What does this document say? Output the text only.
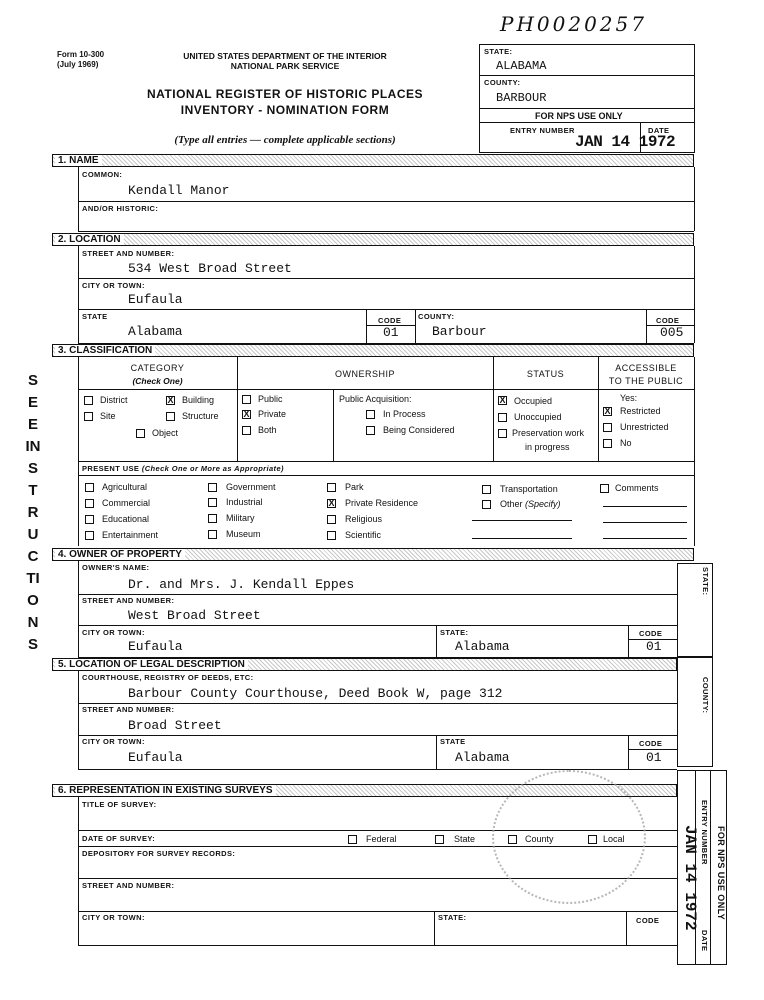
PH0020257
Form 10-300
(July 1969)
UNITED STATES DEPARTMENT OF THE INTERIOR
NATIONAL PARK SERVICE
NATIONAL REGISTER OF HISTORIC PLACES
INVENTORY - NOMINATION FORM
(Type all entries — complete applicable sections)
SEE INSTRUCTIONS
STATE:
ALABAMA
COUNTY:
BARBOUR
FOR NPS USE ONLY
ENTRY NUMBER	DATE
JAN 14 1972
1. NAME
COMMON:
Kendall Manor
AND/OR HISTORIC:
2. LOCATION
STREET AND NUMBER:
534 West Broad Street
CITY OR TOWN:
Eufaula
STATE
Alabama
CODE
01
COUNTY:
Barbour
CODE
005
3. CLASSIFICATION
CATEGORY
(Check One)
OWNERSHIP	STATUS
ACCESSIBLE
TO THE PUBLIC
District	X Building
Site	Structure
Object
Public
X Private
Both
Public Acquisition:
In Process
Being Considered
X Occupied
Unoccupied
Preservation work
in progress
Yes:
X Restricted
Unrestricted
No
PRESENT USE (Check One or More as Appropriate)
Agricultural
Commercial
Educational
Entertainment
Government
Industrial
Military
Museum
Park
X Private Residence
Religious
Scientific
Transportation
Other (Specify)
Comments
4. OWNER OF PROPERTY
STATE:
OWNER'S NAME:
Dr. and Mrs. J. Kendall Eppes
STREET AND NUMBER:
West Broad Street
CITY OR TOWN:
Eufaula
STATE:
Alabama
CODE
01
5. LOCATION OF LEGAL DESCRIPTION
COUNTY:
COURTHOUSE, REGISTRY OF DEEDS, ETC:
Barbour County Courthouse, Deed Book W, page 312
STREET AND NUMBER:
Broad Street
CITY OR TOWN:
Eufaula
STATE
Alabama
CODE
01
6. REPRESENTATION IN EXISTING SURVEYS
TITLE OF SURVEY:
DATE OF SURVEY:	Federal	State	County	Local
DEPOSITORY FOR SURVEY RECORDS:
STREET AND NUMBER:
CITY OR TOWN:	STATE:	CODE
FOR NPS USE ONLY
ENTRY NUMBER
DATE
JAN 14 1972
